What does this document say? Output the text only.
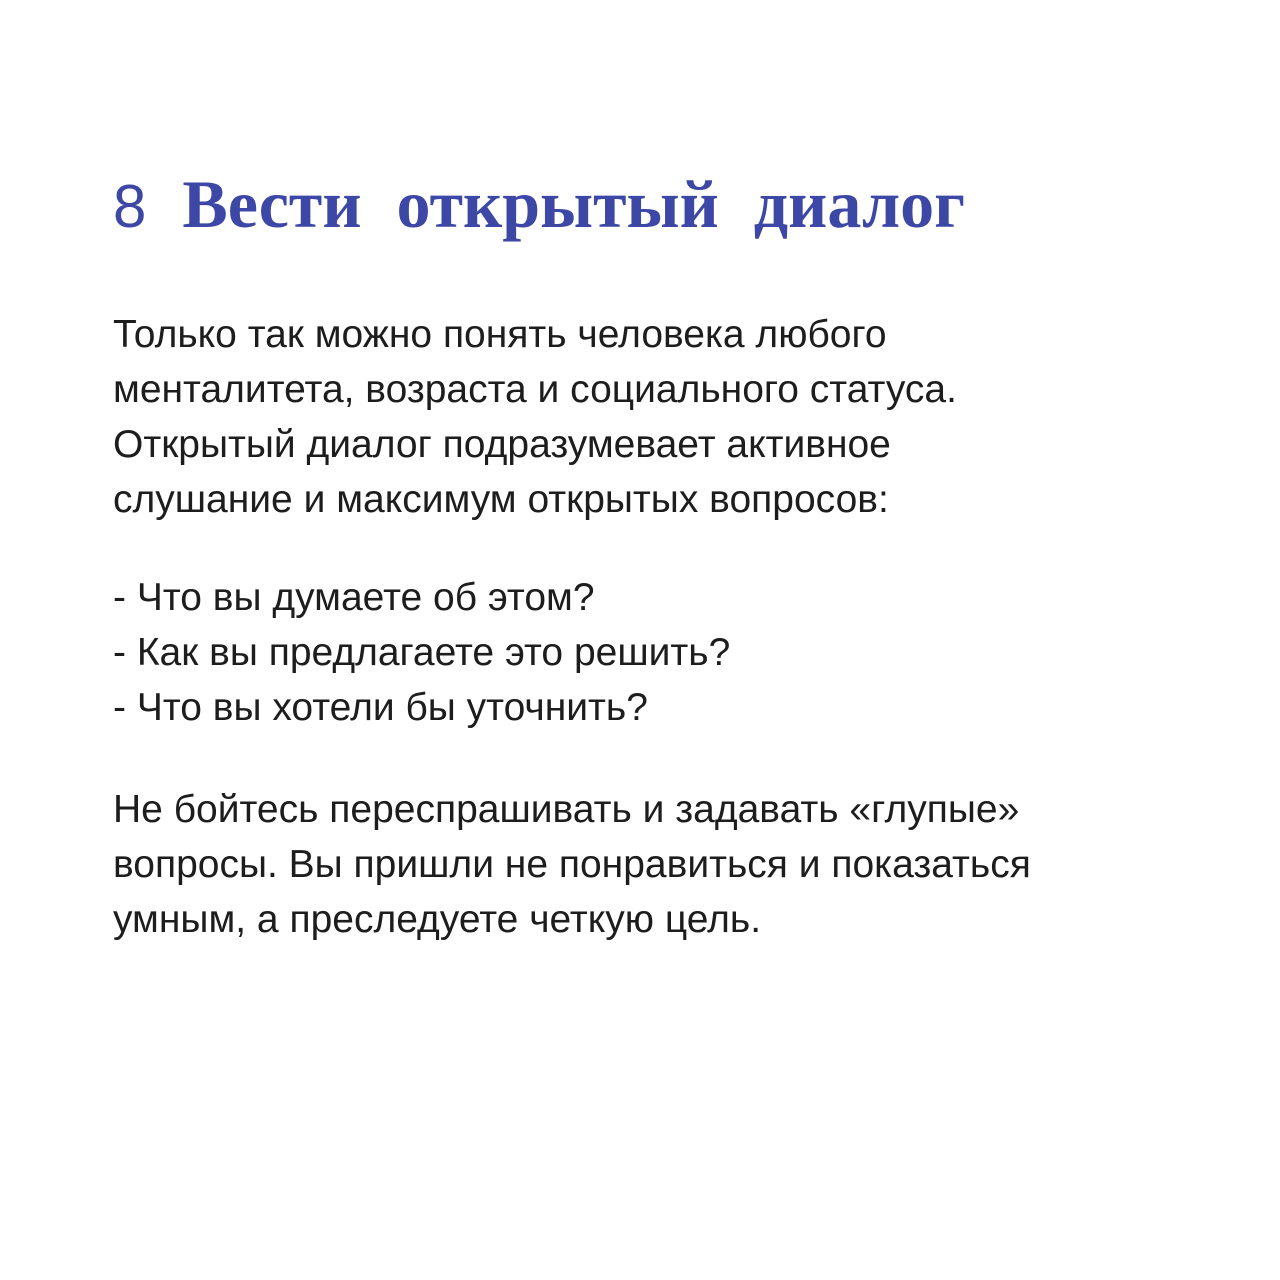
8 Вести открытый диалог

Только так можно понять человека любого
менталитета, возраста и социального статуса.
Открытый диалог подразумевает активное
слушание и максимум открытых вопросов:

- Что вы думаете об этом?
- Как вы предлагаете это решить?
- Что вы хотели бы уточнить?

Не бойтесь переспрашивать и задавать «глупые»
вопросы. Вы пришли не понравиться и показаться
умным, а преследуете четкую цель.
